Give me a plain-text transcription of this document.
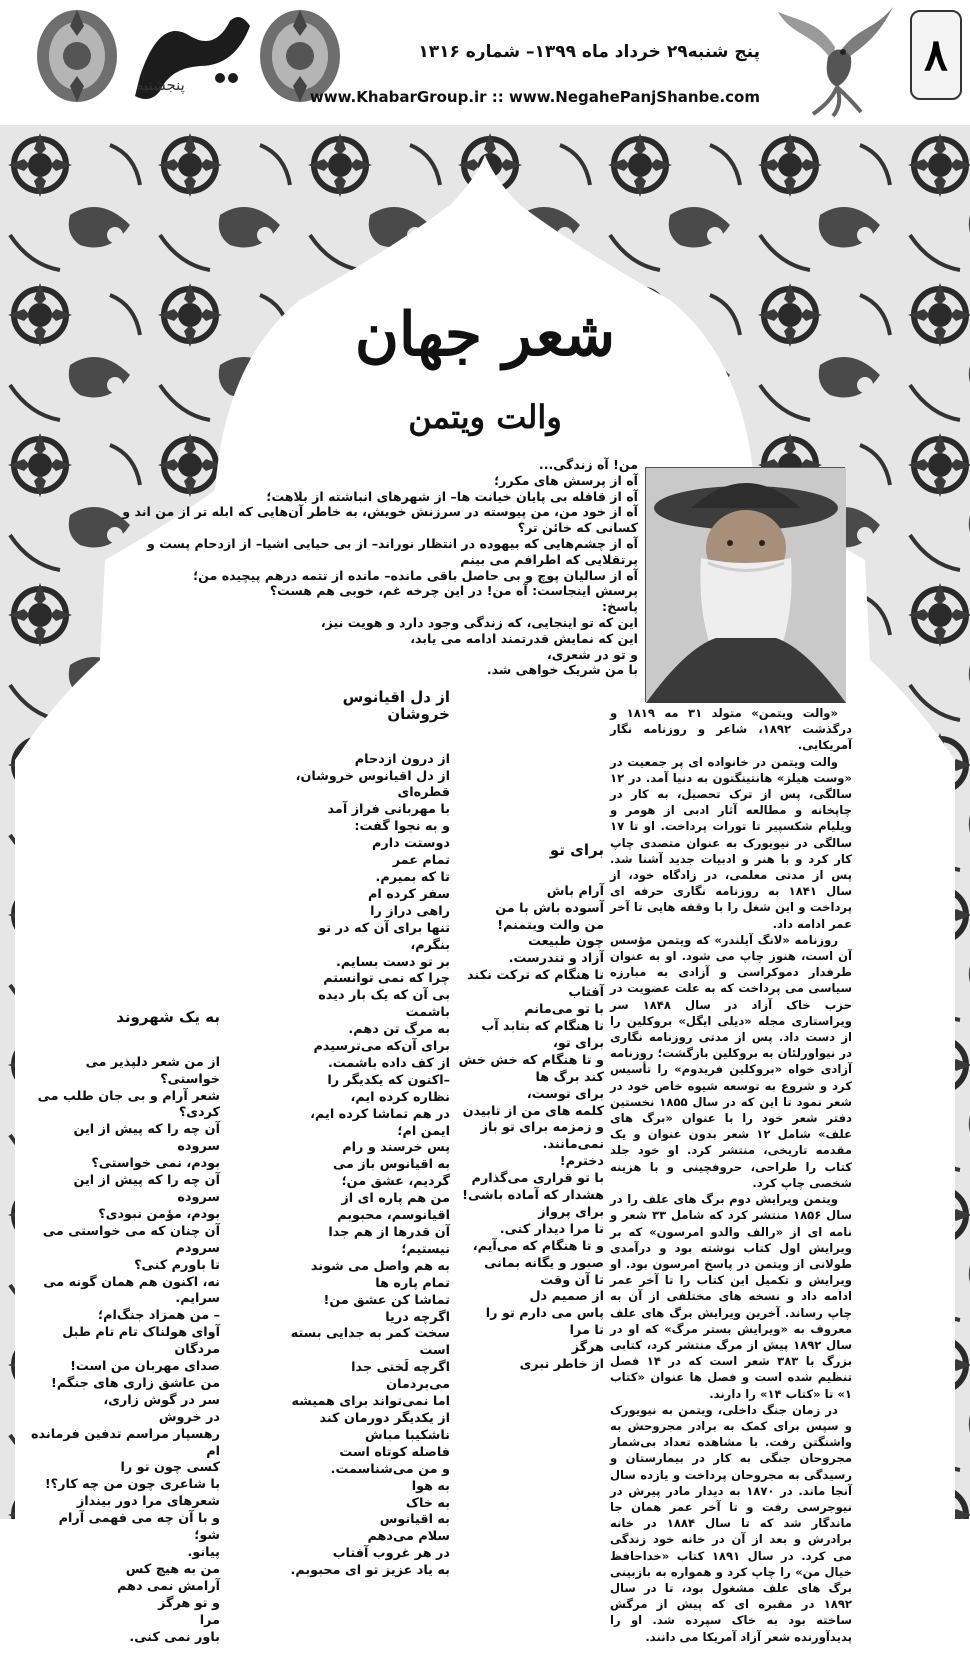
۸
پنجشنبه
پنج شنبه۲۹ خرداد ماه ۱۳۹۹– شماره ۱۳۱۶
www.KhabarGroup.ir :: www.NegahePanjShanbe.com
شعر جهان
والت ویتمن
من! آه زندگی...
آه از پرسش های مکرر؛
آه از قافله بی پایان خیانت ها– از شهرهای انباشته از بلاهت؛
آه از خود من، من پیوسته در سرزنش خویش، به خاطر آن‌هایی که ابله تر از من اند و کسانی که خائن تر؟
آه از چشم‌هایی که بیهوده در انتظار نوراند– از بی حیایی اشیا– از ازدحام پست و پرتقلایی که اطرافم می بینم
آه از سالیان پوچ و بی حاصل باقی مانده– مانده از تتمه درهم پیچیده من؛
پرسش اینجاست: آه من! در این چرخه غم، خوبی هم هست؟
پاسخ:
این که تو اینجایی، که زندگی وجود دارد و هویت نیز،
این که نمایش قدرتمند ادامه می یابد،
و تو در شعری،
با من شریک خواهی شد.

«والت ویتمن» متولد ۳۱ مه ۱۸۱۹ و درگذشت ۱۸۹۲، شاعر و روزنامه نگار آمریکایی.

والت ویتمن در خانواده ای پر جمعیت در «وست هیلز» هانتینگتون به دنیا آمد. در ۱۲ سالگی، پس از ترک تحصیل، به کار در چاپخانه و مطالعه آثار ادبی از هومر و ویلیام شکسپیر تا تورات پرداخت. او تا ۱۷ سالگی در نیویورک به عنوان متصدی چاپ کار کرد و با هنر و ادبیات جدید آشنا شد. پس از مدتی معلمی، در زادگاه خود، از سال ۱۸۴۱ به روزنامه نگاری حرفه ای پرداخت و این شغل را با وقفه هایی تا آخر عمر ادامه داد.

روزنامه «لانگ آیلندر» که ویتمن مؤسس آن است، هنوز چاپ می شود. او به عنوان طرفدار دموکراسی و آزادی به مبارزه سیاسی می پرداخت که به علت عضویت در حزب خاک آزاد در سال ۱۸۴۸ سر ویراستاری مجله «دیلی ایگل» بروکلین را از دست داد. پس از مدتی روزنامه نگاری در نیواورلئان به بروکلین بازگشت؛ روزنامه آزادی خواه «بروکلین فریدوم» را تأسیس کرد و شروع به توسعه شیوه خاص خود در شعر نمود تا این که در سال ۱۸۵۵ نخستین دفتر شعر خود را با عنوان «برگ های علف» شامل ۱۲ شعر بدون عنوان و یک مقدمه تاریخی، منتشر کرد. او خود جلد کتاب را طراحی، حروفچینی و با هزینه شخصی چاپ کرد.

ویتمن ویرایش دوم برگ های علف را در سال ۱۸۵۶ منتشر کرد که شامل ۳۳ شعر و نامه ای از «رالف والدو امرسون» که بر ویرایش اول کتاب نوشته بود و درآمدی طولانی از ویتمن در پاسخ امرسون بود. او ویرایش و تکمیل این کتاب را تا آخر عمر ادامه داد و نسخه های مختلفی از آن به چاپ رساند. آخرین ویرایش برگ های علف معروف به «ویرایش بستر مرگ» که او در سال ۱۸۹۲ پیش از مرگ منتشر کرد، کتابی بزرگ با ۳۸۳ شعر است که در ۱۴ فصل تنظیم شده است و فصل ها عنوان «کتاب ۱» تا «کتاب ۱۴» را دارند.

در زمان جنگ داخلی، ویتمن به نیویورک و سپس برای کمک به برادر مجروحش به واشنگتن رفت. با مشاهده تعداد بی‌شمار مجروحان جنگی به کار در بیمارستان و رسیدگی به مجروحان پرداخت و یازده سال آنجا ماند. در ۱۸۷۰ به دیدار مادر پیرش در نیوجرسی رفت و تا آخر عمر همان جا ماندگار شد که تا سال ۱۸۸۴ در خانه برادرش و بعد از آن در خانه خود زندگی می کرد. در سال ۱۸۹۱ کتاب «خداحافظ خیال من» را چاپ کرد و همواره به بازبینی برگ های علف مشغول بود، تا در سال ۱۸۹۲ در مقبره ای که پیش از مرگش ساخته بود به خاک سپرده شد. او را پدیدآورنده شعر آزاد آمریکا می دانند.

از دل اقیانوس خروشان

از درون ازدحام
از دل اقیانوس خروشان،
قطره‌ای
با مهربانی فراز آمد
و به نجوا گفت:
دوستت دارم
تمام عمر
تا که بمیرم.
سفر کرده ام
راهی دراز را
تنها برای آن که در تو بنگرم،
بر تو دست بسایم.
چرا که نمی توانستم
بی آن که یک بار دیده باشمت
به مرگ تن دهم.
برای آن‌که می‌ترسیدم
از کف داده باشمت.
–اکنون که یکدیگر را
نظاره کرده ایم،
در هم تماشا کرده ایم،
ایمن ام؛
پس خرسند و رام
به اقیانوس باز می گردیم، عشق من؛
من هم پاره ای از اقیانوسم، محبوبم
آن قدرها از هم جدا نیستیم؛
به هم واصل می شوند
تمام پاره ها
تماشا کن عشق من!
اگرچه دریا
سخت کمر به جدایی بسته است
اگرچه لَختی جدا می‌بردمان
اما نمی‌تواند برای همیشه
از یکدیگر دورمان کند
ناشکیبا مباش
فاصله کوتاه است
و من می‌شناسمت.
به هوا
به خاک
به اقیانوس
سلام می‌دهم
در هر غروب آفتاب
به یاد عزیز تو ای محبوبم.

برای تو

آرام باش
آسوده باش با من
من والت ویتمنم!
چون طبیعت
آزاد و تندرست.
تا هنگام که ترکت نکند آفتاب
با تو می‌مانم
تا هنگام که بتابد آب برای تو،
و تا هنگام که خش خش کند برگ ها
برای توست،
کلمه های من از تابیدن
و زمزمه برای تو باز نمی‌مانند.
دخترم!
با تو قراری می‌گذارم
هشدار که آماده باشی!
برای پرواز
تا مرا دیدار کنی.
و تا هنگام که می‌آیم،
صبور و یگانه بمانی
تا آن وقت
از صمیم دل
پاس می دارم تو را
تا مرا
هرگز
از خاطر نبری

به یک شهروند

از من شعر دلپذیر می خواستی؟
شعر آرام و بی جان طلب می کردی؟
آن چه را که پیش از این سروده
بودم، نمی خواستی؟
آن چه را که پیش از این سروده
بودم، مؤمن نبودی؟
آن چنان که می خواستی می سرودم
تا باورم کنی؟
نه، اکنون هم همان گونه می سرایم.
– من همزاد جنگ‌ام؛
آوای هولناک تام تام طبل مردگان
صدای مهربان من است!
من عاشق زاری های جنگم!
سر در گوش زاری،
در خروش
رهسپار مراسم تدفین فرمانده ام
کسی چون تو را
با شاعری چون من چه کار؟!
شعرهای مرا دور بینداز
و با آن چه می فهمی آرام شو؛
پیانو.
من به هیچ کس
آرامش نمی دهم
و تو هرگز
مرا
باور نمی کنی.
